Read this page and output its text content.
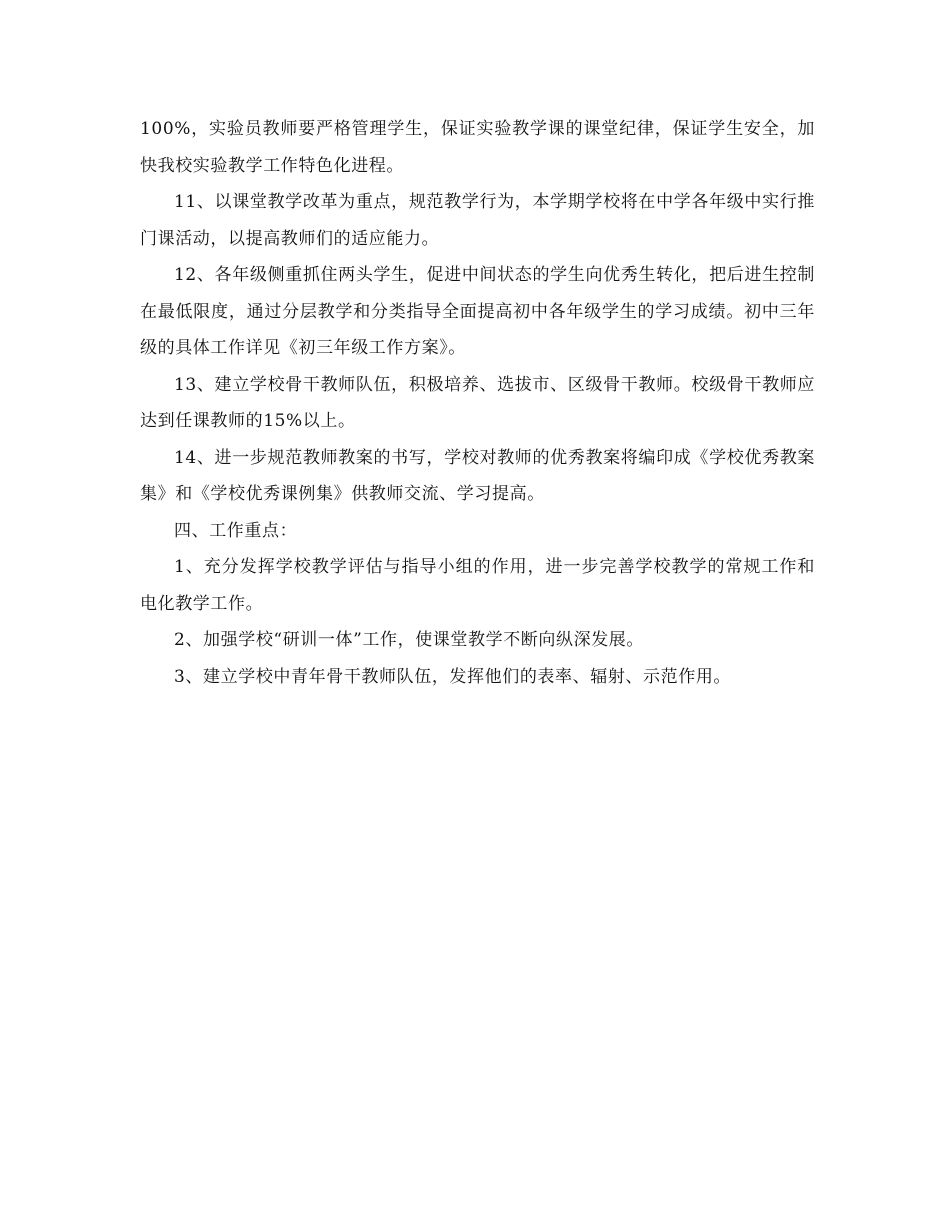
100%，实验员教师要严格管理学生，保证实验教学课的课堂纪律，保证学生安全，加快我校实验教学工作特色化进程。

11、以课堂教学改革为重点，规范教学行为，本学期学校将在中学各年级中实行推门课活动，以提高教师们的适应能力。

12、各年级侧重抓住两头学生，促进中间状态的学生向优秀生转化，把后进生控制在最低限度，通过分层教学和分类指导全面提高初中各年级学生的学习成绩。初中三年级的具体工作详见《初三年级工作方案》。

13、建立学校骨干教师队伍，积极培养、选拔市、区级骨干教师。校级骨干教师应达到任课教师的15%以上。

14、进一步规范教师教案的书写，学校对教师的优秀教案将编印成《学校优秀教案集》和《学校优秀课例集》供教师交流、学习提高。

四、工作重点：

1、充分发挥学校教学评估与指导小组的作用，进一步完善学校教学的常规工作和电化教学工作。

2、加强学校“研训一体”工作，使课堂教学不断向纵深发展。

3、建立学校中青年骨干教师队伍，发挥他们的表率、辐射、示范作用。
